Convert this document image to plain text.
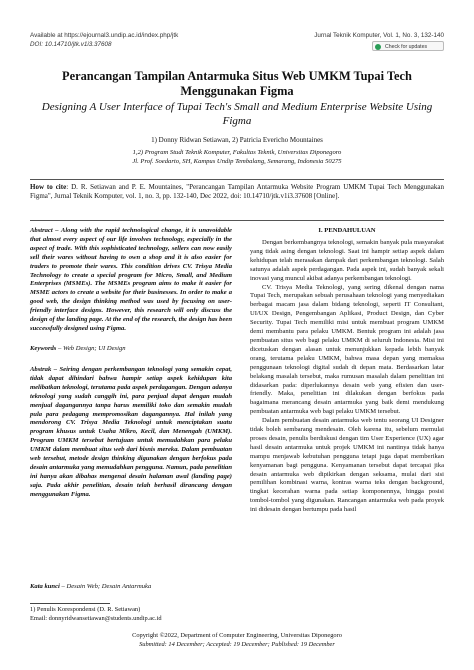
Available at https://ejournal3.undip.ac.id/index.php/jtk
DOI: 10.14710/jtk.v1i3.37608
Jurnal Teknik Komputer, Vol. 1, No. 3, 132-140
Check for updates
Perancangan Tampilan Antarmuka Situs Web UMKM Tupai Tech Menggunakan Figma
Designing A User Interface of Tupai Tech's Small and Medium Enterprise Website Using Figma
1) Donny Ridwan Setiawan, 2) Patricia Evericho Mountaines
1,2) Program Studi Teknik Komputer, Fakultas Teknik, Universitas Diponegoro
Jl. Prof. Soedarto, SH, Kampus Undip Tembalang, Semarang, Indonesia 50275
How to cite: D. R. Setiawan and P. E. Mountaines, "Perancangan Tampilan Antarmuka Website Program UMKM Tupai Tech Menggunakan Figma", Jurnal Teknik Komputer, vol. 1, no. 3, pp. 132-140, Dec 2022, doi: 10.14710/jtk.v1i3.37608 [Online].
Abstract – Along with the rapid technological change, it is unavoidable that almost every aspect of our life involves technology, especially in the aspect of trade. With this sophisticated technology, sellers can now easily sell their wares without having to own a shop and it is also easier for traders to promote their wares. This condition drives CV. Trisya Media Technology to create a special program for Micro, Small, and Medium Enterprises (MSMEs). The MSMEs program aims to make it easier for MSME actors to create a website for their businesses. In order to make a good web, the design thinking method was used by focusing on user-friendly interface designs. However, this research will only discuss the design of the landing page. At the end of the research, the design has been successfully designed using Figma.
Keywords – Web Design; UI Design
Abstrak – Seiring dengan perkembangan teknologi yang semakin cepat, tidak dapat dihindari bahwa hampir setiap aspek kehidupan kita melibatkan teknologi, terutama pada aspek perdagangan. Dengan adanya teknologi yang sudah canggih ini, para penjual dapat dengan mudah menjual dagangannya tanpa harus memiliki toko dan semakin mudah pula para pedagang mempromosikan dagangannya. Hal inilah yang mendorong CV. Trisya Media Teknologi untuk menciptakan suatu program khusus untuk Usaha Mikro, Kecil, dan Menengah (UMKM). Program UMKM tersebut bertujuan untuk memudahkan para pelaku UMKM dalam membuat situs web dari bisnis mereka. Dalam pembuatan web tersebut, metode design thinking digunakan dengan berfokus pada desain antarmuka yang memudahkan pengguna. Namun, pada penelitian ini hanya akan dibahas mengenai desain halaman awal (landing page) saja. Pada akhir penelitian, desain telah berhasil dirancang dengan menggunakan Figma.
Kata kunci – Desain Web; Desain Antarmuka
1) Penulis Korespondensi (D. R. Setiawan)
Email: donnyridwansetiawan@students.undip.ac.id
I. PENDAHULUAN

Dengan berkembangnya teknologi, semakin banyak pula masyarakat yang tidak asing dengan teknologi. Saat ini hampir setiap aspek dalam kehidupan telah merasakan dampak dari perkembangan teknologi. Salah satunya adalah aspek perdagangan. Pada aspek ini, sudah banyak sekali inovasi yang muncul akibat adanya perkembangan teknologi.

CV. Trisya Media Teknologi, yang sering dikenal dengan nama Tupai Tech, merupakan sebuah perusahaan teknologi yang menyediakan berbagai macam jasa dalam bidang teknologi, seperti IT Consultant, UI/UX Design, Pengembangan Aplikasi, Product Design, dan Cyber Security. Tupai Tech memiliki misi untuk membuat program UMKM demi membantu para pelaku UMKM. Bentuk program ini adalah jasa pembuatan situs web bagi pelaku UMKM di seluruh Indonesia. Misi ini dicetuskan dengan alasan untuk menunjukkan kepada lebih banyak orang, terutama pelaku UMKM, bahwa masa depan yang memaksa penggunaan teknologi digital sudah di depan mata. Berdasarkan latar belakang masalah tersebut, maka rumusan masalah dalam penelitian ini didasarkan pada: diperlukannya desain web yang efisien dan user-friendly. Maka, penelitian ini dilakukan dengan berfokus pada bagaimana merancang desain antarmuka yang baik demi mendukung pembuatan antarmuka web bagi pelaku UMKM tersebut.

Dalam pembuatan desain antarmuka web tentu seorang UI Designer tidak boleh sembarang mendesain. Oleh karena itu, sebelum memulai proses desain, penulis berdiskusi dengan tim User Experience (UX) agar hasil desain antarmuka untuk projek UMKM ini nantinya tidak hanya mampu menjawab kebutuhan pengguna tetapi juga dapat memberikan kenyamanan bagi pengguna. Kenyamanan tersebut dapat tercapai jika desain antarmuka web dipikirkan dengan seksama, mulai dari sisi pemilihan kombinasi warna, kontras warna teks dengan background, tingkat kecerahan warna pada setiap komponennya, hingga posisi tombol-tombol yang digunakan. Rancangan antarmuka web pada proyek ini didesain dengan bertumpu pada hasil

Copyright ©2022, Department of Computer Engineering, Universitas Diponegoro
Submitted: 14 December; Accepted: 19 December; Published: 19 December
